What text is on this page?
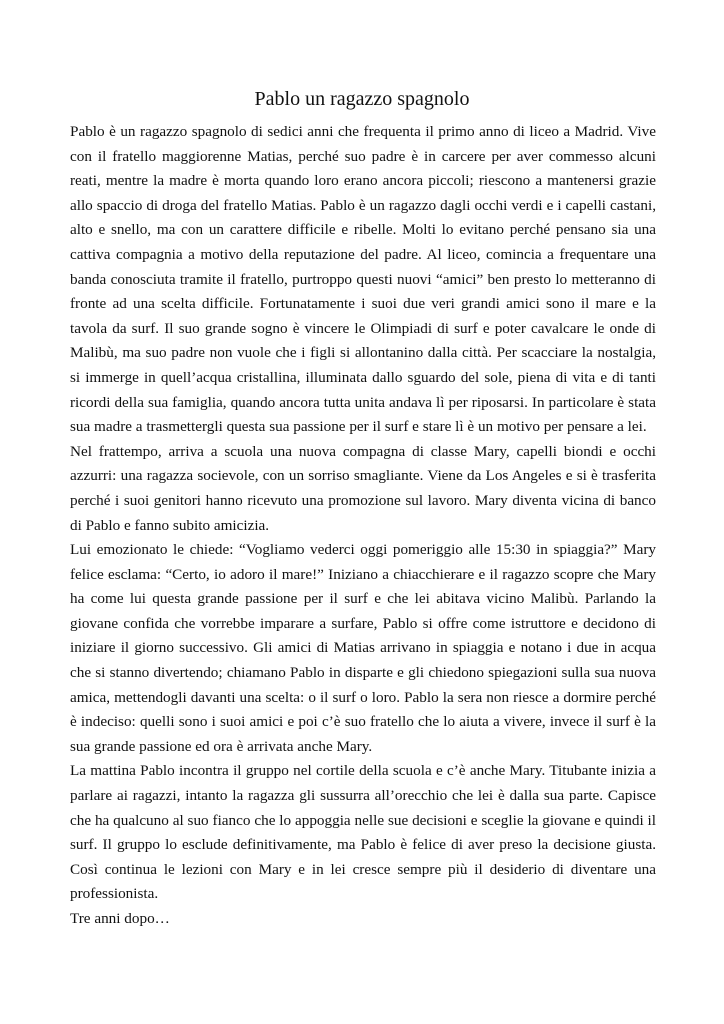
Pablo un ragazzo spagnolo

Pablo è un ragazzo spagnolo di sedici anni che frequenta il primo anno di liceo a Madrid. Vive con il fratello maggiorenne Matias, perché suo padre è in carcere per aver commesso alcuni reati, mentre la madre è morta quando loro erano ancora piccoli; riescono a mantenersi grazie allo spaccio di droga del fratello Matias. Pablo è un ragazzo dagli occhi verdi e i capelli castani, alto e snello, ma con un carattere difficile e ribelle. Molti lo evitano perché pensano sia una cattiva compagnia a motivo della reputazione del padre. Al liceo, comincia a frequentare una banda conosciuta tramite il fratello, purtroppo questi nuovi “amici” ben presto lo metteranno di fronte ad una scelta difficile. Fortunatamente i suoi due veri grandi amici sono il mare e la tavola da surf. Il suo grande sogno è vincere le Olimpiadi di surf e poter cavalcare le onde di Malibù, ma suo padre non vuole che i figli si allontanino dalla città. Per scacciare la nostalgia, si immerge in quell’acqua cristallina, illuminata dallo sguardo del sole, piena di vita e di tanti ricordi della sua famiglia, quando ancora tutta unita andava lì per riposarsi. In particolare è stata sua madre a trasmettergli questa sua passione per il surf e stare lì è un motivo per pensare a lei.

Nel frattempo, arriva a scuola una nuova compagna di classe Mary, capelli biondi e occhi azzurri: una ragazza socievole, con un sorriso smagliante. Viene da Los Angeles e si è trasferita perché i suoi genitori hanno ricevuto una promozione sul lavoro. Mary diventa vicina di banco di Pablo e fanno subito amicizia.

Lui emozionato le chiede: “Vogliamo vederci oggi pomeriggio alle 15:30 in spiaggia?” Mary felice esclama: “Certo, io adoro il mare!” Iniziano a chiacchierare e il ragazzo scopre che Mary ha come lui questa grande passione per il surf e che lei abitava vicino Malibù. Parlando la giovane confida che vorrebbe imparare a surfare, Pablo si offre come istruttore e decidono di iniziare il giorno successivo. Gli amici di Matias arrivano in spiaggia e notano i due in acqua che si stanno divertendo; chiamano Pablo in disparte e gli chiedono spiegazioni sulla sua nuova amica, mettendogli davanti una scelta: o il surf o loro. Pablo la sera non riesce a dormire perché è indeciso: quelli sono i suoi amici e poi c’è suo fratello che lo aiuta a vivere, invece il surf è la sua grande passione ed ora è arrivata anche Mary.

La mattina Pablo incontra il gruppo nel cortile della scuola e c’è anche Mary. Titubante inizia a parlare ai ragazzi, intanto la ragazza gli sussurra all’orecchio che lei è dalla sua parte. Capisce che ha qualcuno al suo fianco che lo appoggia nelle sue decisioni e sceglie la giovane e quindi il surf. Il gruppo lo esclude definitivamente, ma Pablo è felice di aver preso la decisione giusta. Così continua le lezioni con Mary e in lei cresce sempre più il desiderio di diventare una professionista.

Tre anni dopo…
